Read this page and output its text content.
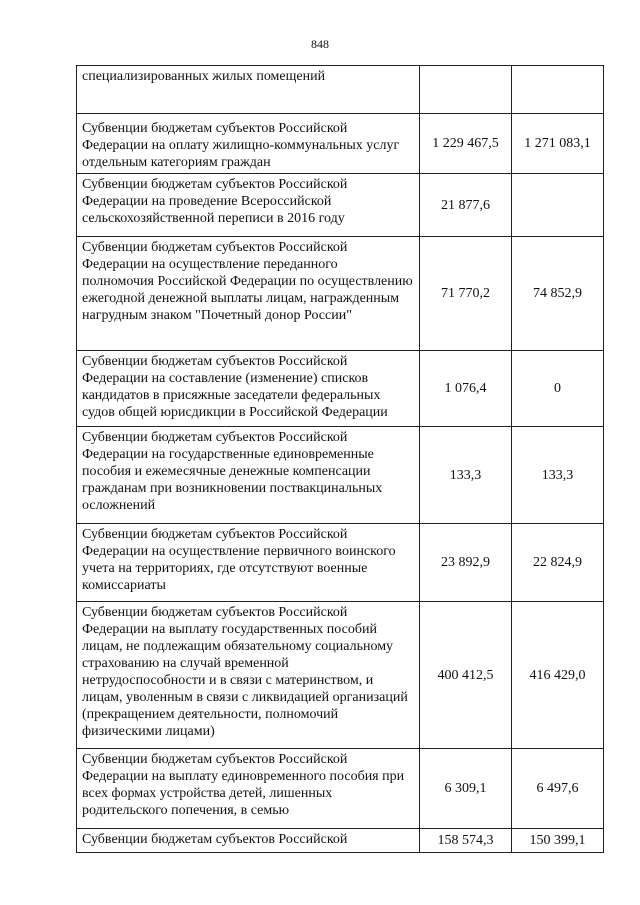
848
специализированных жилых помещений		
Субвенции бюджетам субъектов Российской Федерации на оплату жилищно-коммунальных услуг отдельным категориям граждан	1 229 467,5	1 271 083,1
Субвенции бюджетам субъектов Российской Федерации на проведение Всероссийской сельскохозяйственной переписи в 2016 году	21 877,6	
Субвенции бюджетам субъектов Российской Федерации на осуществление переданного полномочия Российской Федерации по осуществлению ежегодной денежной выплаты лицам, награжденным нагрудным знаком "Почетный донор России"	71 770,2	74 852,9
Субвенции бюджетам субъектов Российской Федерации на составление (изменение) списков кандидатов в присяжные заседатели федеральных судов общей юрисдикции в Российской Федерации	1 076,4	0
Субвенции бюджетам субъектов Российской Федерации на государственные единовременные пособия и ежемесячные денежные компенсации гражданам при возникновении поствакцинальных осложнений	133,3	133,3
Субвенции бюджетам субъектов Российской Федерации на осуществление первичного воинского учета на территориях, где отсутствуют военные комиссариаты	23 892,9	22 824,9
Субвенции бюджетам субъектов Российской Федерации на выплату государственных пособий лицам, не подлежащим обязательному социальному страхованию на случай временной нетрудоспособности и в связи с материнством, и лицам, уволенным в связи с ликвидацией организаций (прекращением деятельности, полномочий физическими лицами)	400 412,5	416 429,0
Субвенции бюджетам субъектов Российской Федерации на выплату единовременного пособия при всех формах устройства детей, лишенных родительского попечения, в семью	6 309,1	6 497,6
Субвенции бюджетам субъектов Российской	158 574,3	150 399,1
